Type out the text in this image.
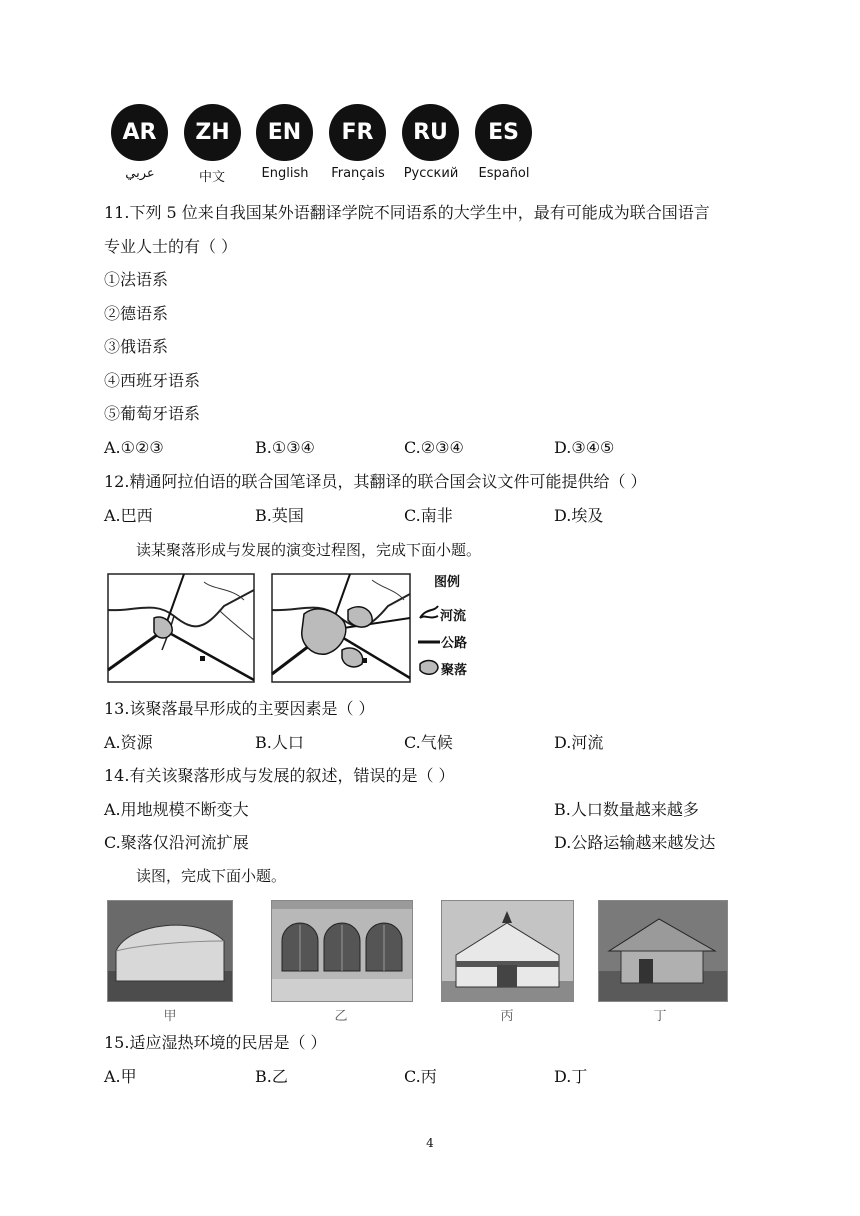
AR	ZH	EN	FR	RU	ES
عربي	中文	English	Français	Русский	Español
11.下列 5 位来自我国某外语翻译学院不同语系的大学生中，最有可能成为联合国语言
专业人士的有（ ）
①法语系
②德语系
③俄语系
④西班牙语系
⑤葡萄牙语系
A.①②③	B.①③④	C.②③④	D.③④⑤
12.精通阿拉伯语的联合国笔译员，其翻译的联合国会议文件可能提供给（ ）
A.巴西	B.英国	C.南非	D.埃及
读某聚落形成与发展的演变过程图，完成下面小题。
图例
河流
公路
聚落
13.该聚落最早形成的主要因素是（ ）
A.资源	B.人口	C.气候	D.河流
14.有关该聚落形成与发展的叙述，错误的是（ ）
A.用地规模不断变大	B.人口数量越来越多
C.聚落仅沿河流扩展	D.公路运输越来越发达
读图，完成下面小题。
甲	乙	丙	丁
15.适应湿热环境的民居是（ ）
A.甲	B.乙	C.丙	D.丁
4
